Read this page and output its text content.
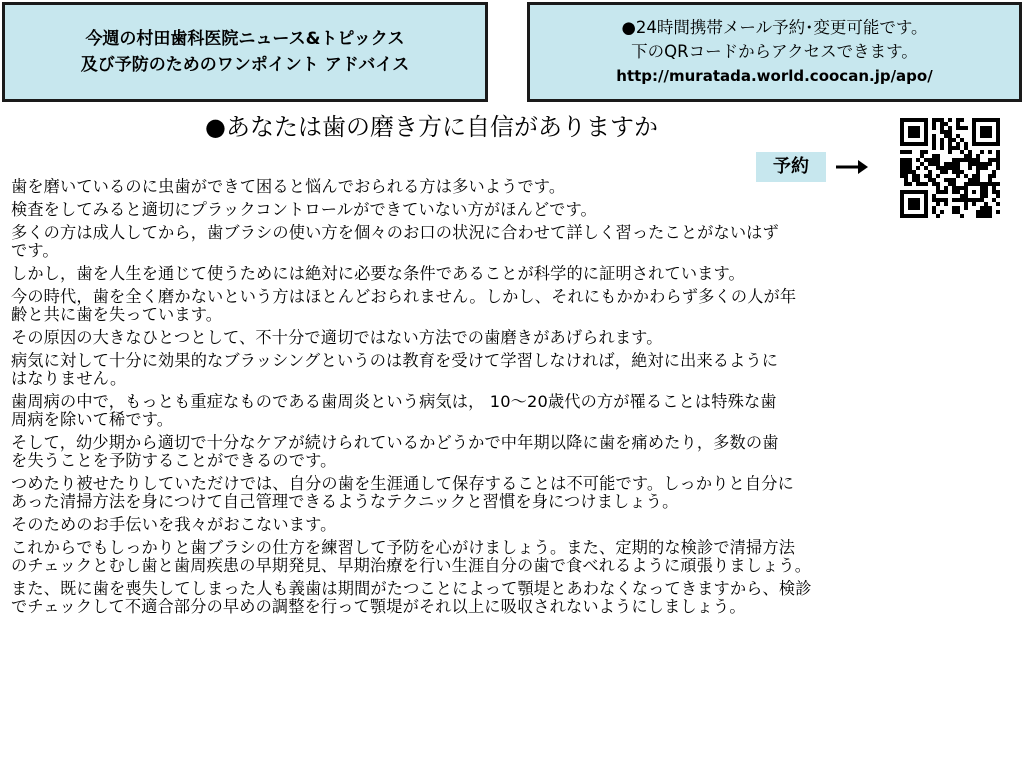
今週の村田歯科医院ニュース&トピックス
及び予防のためのワンポイント アドバイス
●24時間携帯メール予約･変更可能です。
下のQRコードからアクセスできます。
http://muratada.world.coocan.jp/apo/
●あなたは歯の磨き方に自信がありますか
予約
歯を磨いているのに虫歯ができて困ると悩んでおられる方は多いようです。
検査をしてみると適切にプラックコントロールができていない方がほんどです。
多くの方は成人してから，歯ブラシの使い方を個々のお口の状況に合わせて詳しく習ったことがないはず
です。
しかし，歯を人生を通じて使うためには絶対に必要な条件であることが科学的に証明されています。
今の時代，歯を全く磨かないという方はほとんどおられません。しかし、それにもかかわらず多くの人が年
齢と共に歯を失っています。
その原因の大きなひとつとして、不十分で適切ではない方法での歯磨きがあげられます。
病気に対して十分に効果的なブラッシングというのは教育を受けて学習しなければ，絶対に出来るように
はなりません。
歯周病の中で，もっとも重症なものである歯周炎という病気は， 10～20歳代の方が罹ることは特殊な歯
周病を除いて稀です。
そして，幼少期から適切で十分なケアが続けられているかどうかで中年期以降に歯を痛めたり，多数の歯
を失うことを予防することができるのです。
つめたり被せたりしていただけでは、自分の歯を生涯通して保存することは不可能です。しっかりと自分に
あった清掃方法を身につけて自己管理できるようなテクニックと習慣を身につけましょう。
そのためのお手伝いを我々がおこないます。
これからでもしっかりと歯ブラシの仕方を練習して予防を心がけましょう。また、定期的な検診で清掃方法
のチェックとむし歯と歯周疾患の早期発見、早期治療を行い生涯自分の歯で食べれるように頑張りましょう。
また、既に歯を喪失してしまった人も義歯は期間がたつことによって顎堤とあわなくなってきますから、検診
でチェックして不適合部分の早めの調整を行って顎堤がそれ以上に吸収されないようにしましょう。
